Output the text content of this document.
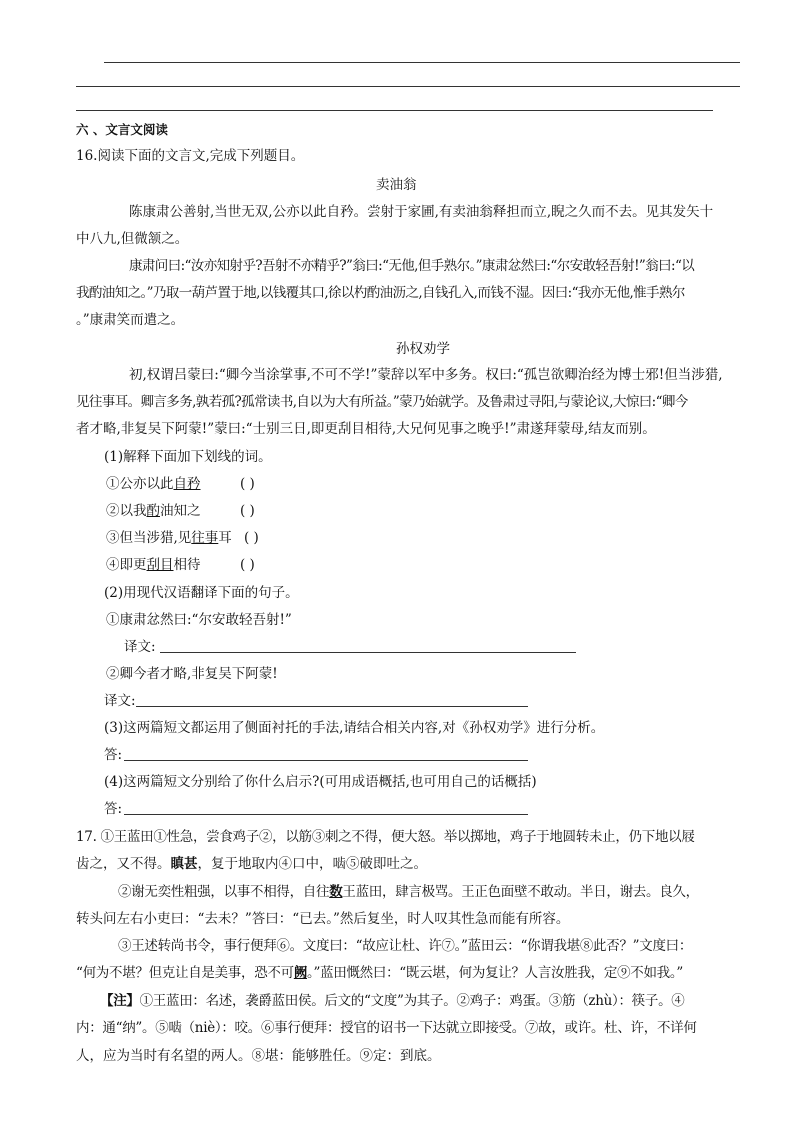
六 、文言文阅读
16.阅读下面的文言文,完成下列题目。
卖油翁
陈康肃公善射,当世无双,公亦以此自矜。尝射于家圃,有卖油翁释担而立,睨之久而不去。见其发矢十
中八九,但微颔之。
康肃问曰:“汝亦知射乎?吾射不亦精乎?”翁曰:“无他,但手熟尔。”康肃忿然曰:“尔安敢轻吾射!”翁曰:“以
我酌油知之。”乃取一葫芦置于地,以钱覆其口,徐以杓酌油沥之,自钱孔入,而钱不湿。因曰:“我亦无他,惟手熟尔
。”康肃笑而遣之。
孙权劝学
初,权谓吕蒙曰:“卿今当涂掌事,不可不学!”蒙辞以军中多务。权曰:“孤岂欲卿治经为博士邪!但当涉猎,
见往事耳。卿言多务,孰若孤?孤常读书,自以为大有所益。”蒙乃始就学。及鲁肃过寻阳,与蒙论议,大惊曰:“卿今
者才略,非复吴下阿蒙!”蒙曰:“士别三日,即更刮目相待,大兄何见事之晚乎!”肃遂拜蒙母,结友而别。
(1)解释下面加下划线的词。
①公亦以此自矜	( )
②以我酌油知之	( )
③但当涉猎,见往事耳 ( )
④即更刮目相待	( )
(2)用现代汉语翻译下面的句子。
①康肃忿然曰:“尔安敢轻吾射!”
译文:
②卿今者才略,非复吴下阿蒙!
译文:
(3)这两篇短文都运用了侧面衬托的手法,请结合相关内容,对《孙权劝学》进行分析。
答:
(4)这两篇短文分别给了你什么启示?(可用成语概括,也可用自己的话概括)
答:
17. ①王蓝田①性急，尝食鸡子②，以筋③刺之不得，便大怒。举以掷地，鸡子于地圆转未止，仍下地以屐
齿之，又不得。瞋甚，复于地取内④口中，啮⑤破即吐之。
②谢无奕性粗强，以事不相得，自往数王蓝田，肆言极骂。王正色面壁不敢动。半日，谢去。良久，
转头问左右小吏曰：“去未？”答曰：“已去。”然后复坐，时人叹其性急而能有所容。
③王述转尚书令，事行便拜⑥。文度曰：“故应让杜、许⑦。”蓝田云：“你谓我堪⑧此否？”文度曰：
“何为不堪？但克让自是美事，恐不可阙。”蓝田慨然曰：“既云堪，何为复让？人言汝胜我，定⑨不如我。”
【注】①王蓝田：名述，袭爵蓝田侯。后文的“文度”为其子。②鸡子：鸡蛋。③筋（zhù）：筷子。④
内：通“纳”。⑤啮（niè）：咬。⑥事行便拜：授官的诏书一下达就立即接受。⑦故，或许。杜、许，不详何
人，应为当时有名望的两人。⑧堪：能够胜任。⑨定：到底。
